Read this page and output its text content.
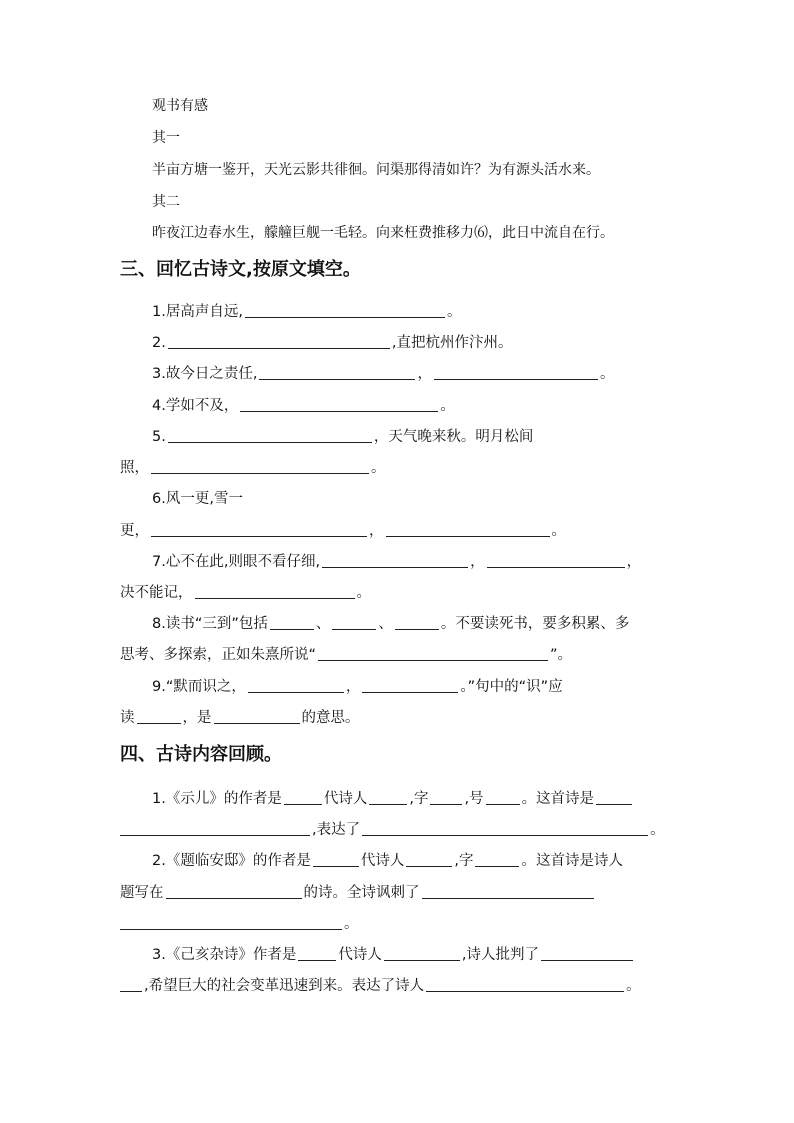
观书有感
其一
半亩方塘一鉴开，天光云影共徘徊。问渠那得清如许？为有源头活水来。
其二
昨夜江边春水生，艨艟巨舰一毛轻。向来枉费推移力⑹，此日中流自在行。
三、回忆古诗文,按原文填空。
1.居高声自远,	。
2.	,直把杭州作汴州。
3.故今日之责任,	，	。
4.学如不及，	。
5.	，天气晚来秋。明月松间
照，	。
6.风一更,雪一
更，	，	。
7.心不在此,则眼不看仔细,	，	，
决不能记，	。
8.读书“三到”包括	、	、	。不要读死书，要多积累、多
思考、多探索，正如朱熹所说“	”。
9.“默而识之，	，	。”句中的“识”应
读	，是	的意思。
四、古诗内容回顾。
1.《示儿》的作者是	代诗人	,字 ,号	。这首诗是
,表达了	。
2.《题临安邸》的作者是	代诗人	,字	。这首诗是诗人
题写在	的诗。全诗讽刺了
。
3.《己亥杂诗》作者是	代诗人	,诗人批判了
,希望巨大的社会变革迅速到来。表达了诗人	。
